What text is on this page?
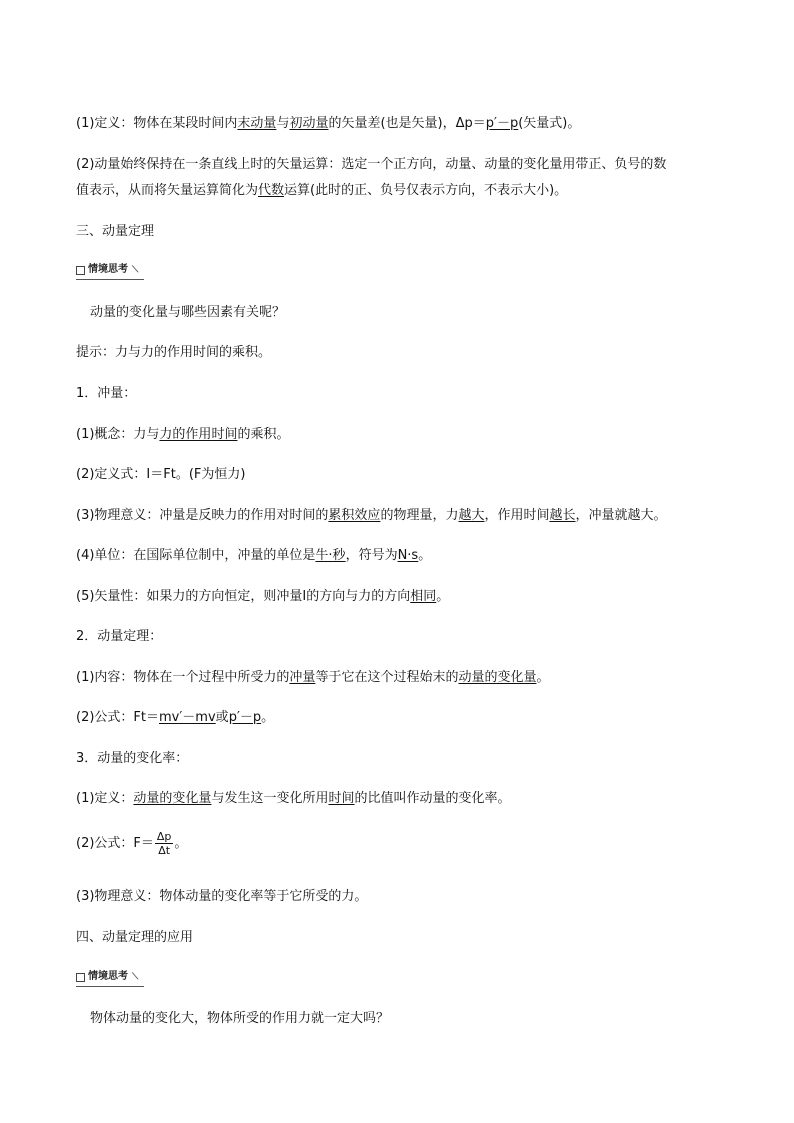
(1)定义：物体在某段时间内末动量与初动量的矢量差(也是矢量)，Δp＝p′－p(矢量式)。
(2)动量始终保持在一条直线上时的矢量运算：选定一个正方向，动量、动量的变化量用带正、负号的数
值表示，从而将矢量运算简化为代数运算(此时的正、负号仅表示方向，不表示大小)。
三、动量定理
情境思考 ⟍
动量的变化量与哪些因素有关呢？
提示：力与力的作用时间的乘积。
1．冲量：
(1)概念：力与力的作用时间的乘积。
(2)定义式：I＝Ft。(F为恒力)
(3)物理意义：冲量是反映力的作用对时间的累积效应的物理量，力越大，作用时间越长，冲量就越大。
(4)单位：在国际单位制中，冲量的单位是牛·秒，符号为N·s。
(5)矢量性：如果力的方向恒定，则冲量I的方向与力的方向相同。
2．动量定理：
(1)内容：物体在一个过程中所受力的冲量等于它在这个过程始末的动量的变化量。
(2)公式：Ft＝mv′－mv或p′－p。
3．动量的变化率：
(1)定义：动量的变化量与发生这一变化所用时间的比值叫作动量的变化率。
(2)公式：$F= \frac{\Delta p}{\Delta t}$ 。
(3)物理意义：物体动量的变化率等于它所受的力。
四、动量定理的应用
情境思考 ⟍
物体动量的变化大，物体所受的作用力就一定大吗？
